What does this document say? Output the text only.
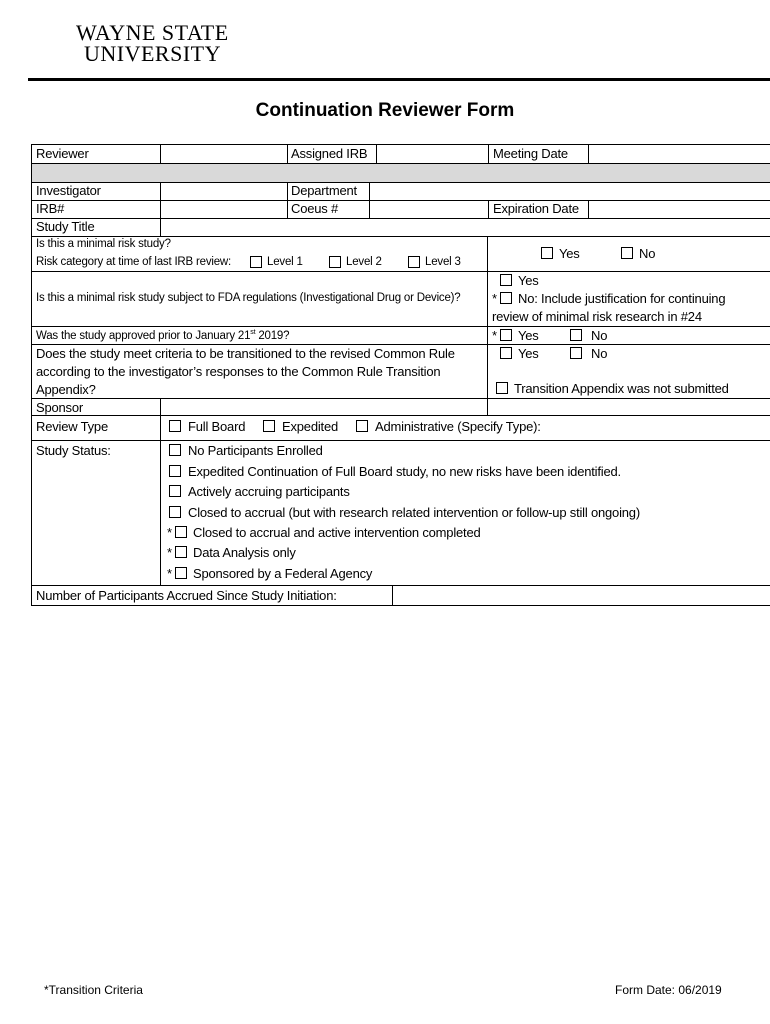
WAYNE STATE
UNIVERSITY
Continuation Reviewer Form
Reviewer	Assigned IRB	Meeting Date
Investigator	Department
IRB#	Coeus #	Expiration Date
Study Title
Is this a minimal risk study?
Risk category at time of last IRB review:	Level 1	Level 2	Level 3
Yes	No
Is this a minimal risk study subject to FDA regulations (Investigational Drug or Device)?
Yes
* No: Include justification for continuing
review of minimal risk research in #24
Was the study approved prior to January 21st 2019?	* Yes	No
Does the study meet criteria to be transitioned to the revised Common Rule
according to the investigator’s responses to the Common Rule Transition
Appendix?
Yes	No
Transition Appendix was not submitted
Sponsor
Review Type	Full Board	Expedited	Administrative (Specify Type):
Study Status:	No Participants Enrolled
Expedited Continuation of Full Board study, no new risks have been identified.
Actively accruing participants
Closed to accrual (but with research related intervention or follow-up still ongoing)
* Closed to accrual and active intervention completed
* Data Analysis only
* Sponsored by a Federal Agency
Number of Participants Accrued Since Study Initiation:
*Transition Criteria	Form Date: 06/2019
